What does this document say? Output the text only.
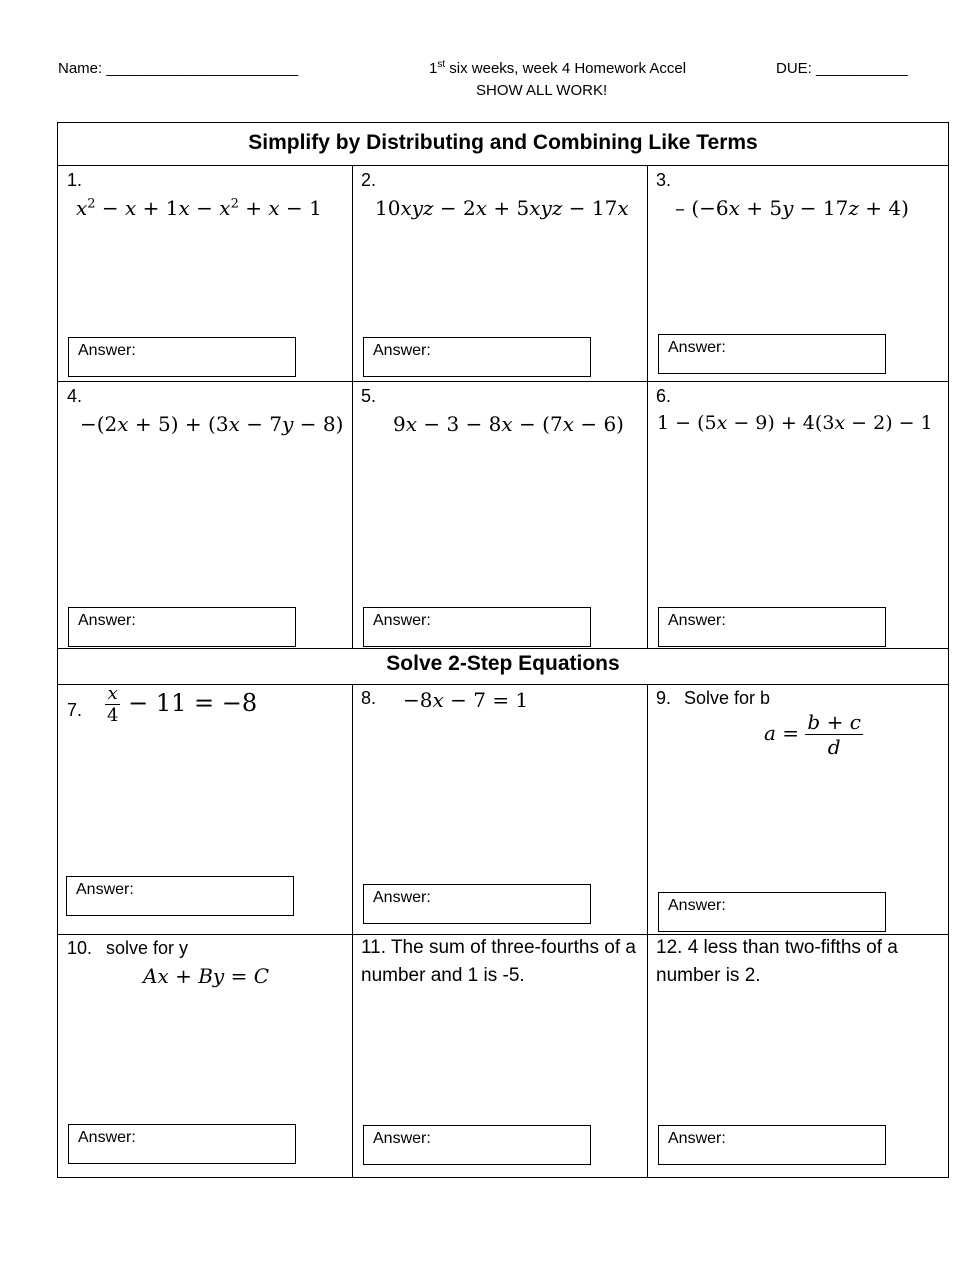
Name: _______________________	1st six weeks, week 4 Homework Accel	DUE: ___________
SHOW ALL WORK!
Simplify by Distributing and Combining Like Terms
Solve 2-Step Equations
1.
$x^2 - x + 1x - x^2 + x - 1$
2.
10xyz − 2x + 5xyz − 17x
3.
– (−6x + 5y − 17z + 4)
4.
−(2x + 5) + (3x − 7y − 8)
5.
9x − 3 − 8x − (7x − 6)
6.
1 − (5x − 9) + 4(3x − 2) − 1
7. $\frac{x}{4} - 11 = -8$	8. −8x − 7 = 1	9. Solve for b
$a = \frac{b + c}{d}$
10. solve for y
Ax + By = C
11. The sum of three-fourths of a number and 1 is -5.
12. 4 less than two-fifths of a number is 2.
Answer:	Answer:	Answer:
Answer:	Answer:	Answer:
Answer:	Answer:	Answer:
Answer:	Answer:	Answer:
